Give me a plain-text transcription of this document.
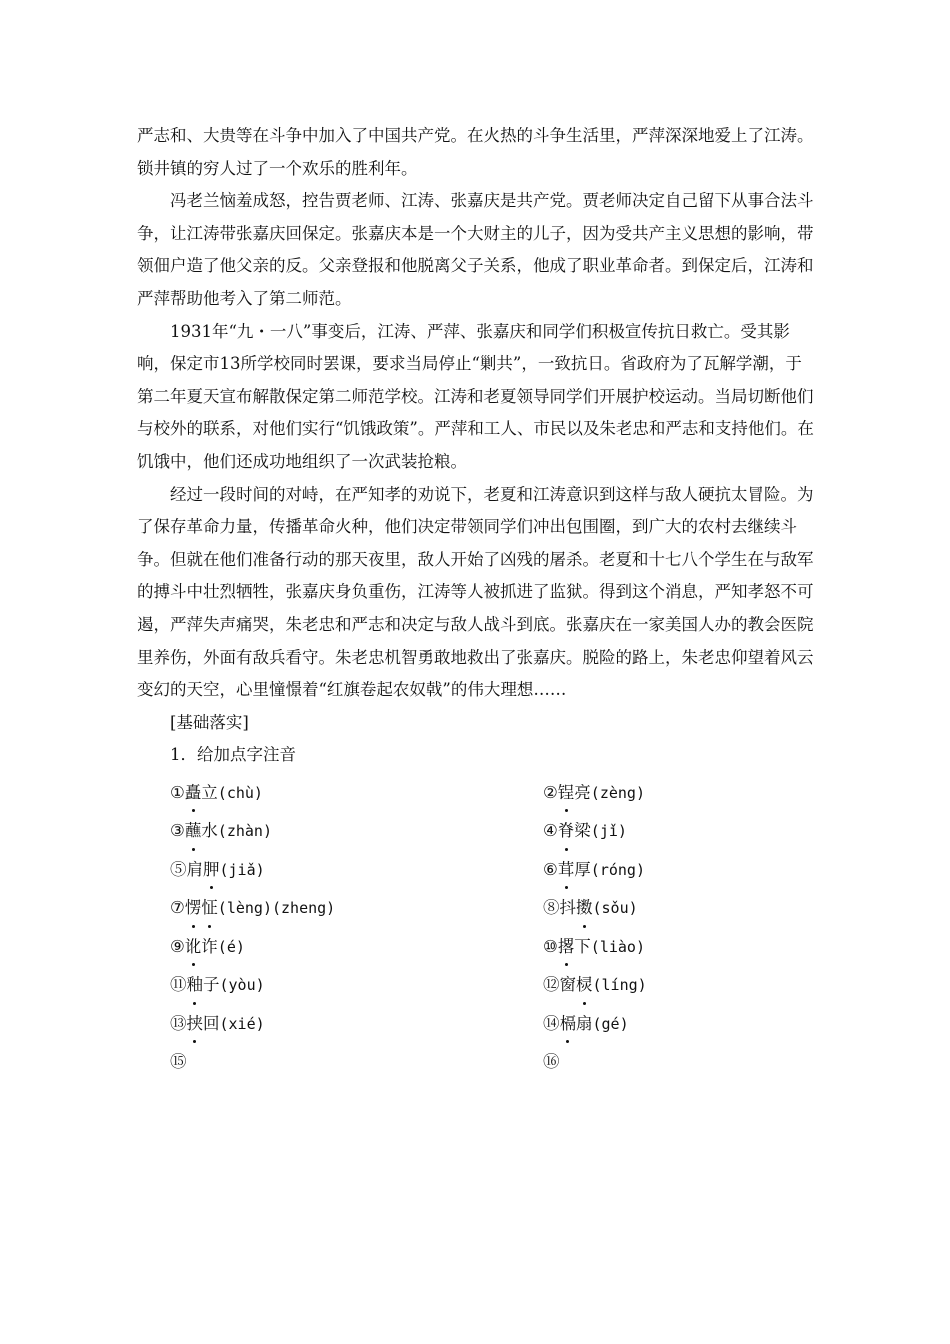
严志和、大贵等在斗争中加入了中国共产党。在火热的斗争生活里，严萍深深地爱上了江涛。锁井镇的穷人过了一个欢乐的胜利年。

冯老兰恼羞成怒，控告贾老师、江涛、张嘉庆是共产党。贾老师决定自己留下从事合法斗争，让江涛带张嘉庆回保定。张嘉庆本是一个大财主的儿子，因为受共产主义思想的影响，带领佃户造了他父亲的反。父亲登报和他脱离父子关系，他成了职业革命者。到保定后，江涛和严萍帮助他考入了第二师范。

1931年“九・一八”事变后，江涛、严萍、张嘉庆和同学们积极宣传抗日救亡。受其影响，保定市13所学校同时罢课，要求当局停止“剿共”，一致抗日。省政府为了瓦解学潮，于第二年夏天宣布解散保定第二师范学校。江涛和老夏领导同学们开展护校运动。当局切断他们与校外的联系，对他们实行“饥饿政策”。严萍和工人、市民以及朱老忠和严志和支持他们。在饥饿中，他们还成功地组织了一次武装抢粮。

经过一段时间的对峙，在严知孝的劝说下，老夏和江涛意识到这样与敌人硬抗太冒险。为了保存革命力量，传播革命火种，他们决定带领同学们冲出包围圈，到广大的农村去继续斗争。但就在他们准备行动的那天夜里，敌人开始了凶残的屠杀。老夏和十七八个学生在与敌军的搏斗中壮烈牺牲，张嘉庆身负重伤，江涛等人被抓进了监狱。得到这个消息，严知孝怒不可遏，严萍失声痛哭，朱老忠和严志和决定与敌人战斗到底。张嘉庆在一家美国人办的教会医院里养伤，外面有敌兵看守。朱老忠机智勇敢地救出了张嘉庆。脱险的路上，朱老忠仰望着风云变幻的天空，心里憧憬着“红旗卷起农奴戟”的伟大理想……

[基础落实]

1．给加点字注音

①矗立(chù)	②锃亮(zèng)
③蘸水(zhàn)	④脊梁(jǐ)
⑤肩胛(jiǎ)	⑥茸厚(róng)
⑦愣怔(lèng)(zheng)	⑧抖擞(sǒu)
⑨讹诈(é)	⑩撂下(liào)
⑪釉子(yòu)	⑫窗棂(líng)
⑬挟回(xié)	⑭槅扇(gé)
⑮	⑯
